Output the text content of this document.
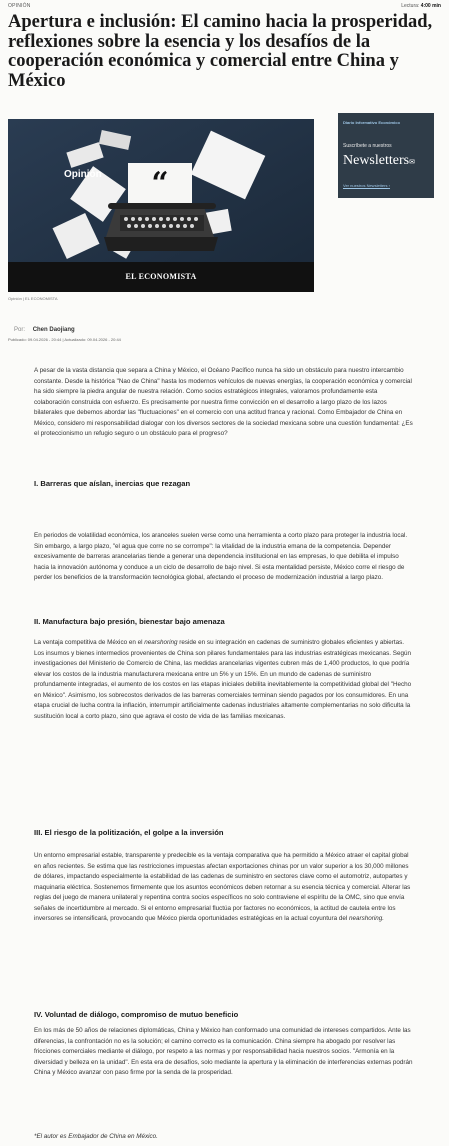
OPINIÓN	Lectura: 4:00 min
Apertura e inclusión: El camino hacia la prosperidad, reflexiones sobre la esencia y los desafíos de la cooperación económica y comercial entre China y México
“
Opinión
EL ECONOMISTA
Opinión | EL ECONOMISTA
Diario Informativo Económico
Suscríbete a nuestros
Newsletters✉
Ver nuestros Newsletters ›
Por: Chen Daojiang
Publicado: 09.04.2026 - 20:44 | Actualizado: 09.04.2026 - 20:44

A pesar de la vasta distancia que separa a China y México, el Océano Pacífico nunca ha sido un obstáculo para nuestro intercambio constante. Desde la histórica "Nao de China" hasta los modernos vehículos de nuevas energías, la cooperación económica y comercial ha sido siempre la piedra angular de nuestra relación. Como socios estratégicos integrales, valoramos profundamente esta colaboración construida con esfuerzo. Es precisamente por nuestra firme convicción en el desarrollo a largo plazo de los lazos bilaterales que debemos abordar las "fluctuaciones" en el comercio con una actitud franca y racional. Como Embajador de China en México, considero mi responsabilidad dialogar con los diversos sectores de la sociedad mexicana sobre una cuestión fundamental: ¿Es el proteccionismo un refugio seguro o un obstáculo para el progreso?

I. Barreras que aíslan, inercias que rezagan

En periodos de volatilidad económica, los aranceles suelen verse como una herramienta a corto plazo para proteger la industria local. Sin embargo, a largo plazo, "el agua que corre no se corrompe": la vitalidad de la industria emana de la competencia. Depender excesivamente de barreras arancelarias tiende a generar una dependencia institucional en las empresas, lo que debilita el impulso hacia la innovación autónoma y conduce a un ciclo de desarrollo de bajo nivel. Si esta mentalidad persiste, México corre el riesgo de perder los beneficios de la transformación tecnológica global, afectando el proceso de modernización industrial a largo plazo.

II. Manufactura bajo presión, bienestar bajo amenaza

La ventaja competitiva de México en el nearshoring reside en su integración en cadenas de suministro globales eficientes y abiertas. Los insumos y bienes intermedios provenientes de China son pilares fundamentales para las industrias estratégicas mexicanas. Según investigaciones del Ministerio de Comercio de China, las medidas arancelarias vigentes cubren más de 1,400 productos, lo que podría elevar los costos de la industria manufacturera mexicana entre un 5% y un 15%. En un mundo de cadenas de suministro profundamente integradas, el aumento de los costos en las etapas iniciales debilita inevitablemente la competitividad global del "Hecho en México". Asimismo, los sobrecostos derivados de las barreras comerciales terminan siendo pagados por los consumidores. En una etapa crucial de lucha contra la inflación, interrumpir artificialmente cadenas industriales altamente complementarias no solo dificulta la sustitución local a corto plazo, sino que agrava el costo de vida de las familias mexicanas.

III. El riesgo de la politización, el golpe a la inversión

Un entorno empresarial estable, transparente y predecible es la ventaja comparativa que ha permitido a México atraer el capital global en años recientes. Se estima que las restricciones impuestas afectan exportaciones chinas por un valor superior a los 30,000 millones de dólares, impactando especialmente la estabilidad de las cadenas de suministro en sectores clave como el automotriz, autopartes y maquinaria eléctrica. Sostenemos firmemente que los asuntos económicos deben retornar a su esencia técnica y comercial. Alterar las reglas del juego de manera unilateral y repentina contra socios específicos no solo contraviene el espíritu de la OMC, sino que envía señales de incertidumbre al mercado. Si el entorno empresarial fluctúa por factores no económicos, la actitud de cautela entre los inversores se intensificará, provocando que México pierda oportunidades estratégicas en la actual coyuntura del nearshoring.

IV. Voluntad de diálogo, compromiso de mutuo beneficio

En los más de 50 años de relaciones diplomáticas, China y México han conformado una comunidad de intereses compartidos. Ante las diferencias, la confrontación no es la solución; el camino correcto es la comunicación. China siempre ha abogado por resolver las fricciones comerciales mediante el diálogo, por respeto a las normas y por responsabilidad hacia nuestros socios. "Armonía en la diversidad y belleza en la unidad". En esta era de desafíos, solo mediante la apertura y la eliminación de interferencias externas podrán China y México avanzar con paso firme por la senda de la prosperidad.

*El autor es Embajador de China en México.
